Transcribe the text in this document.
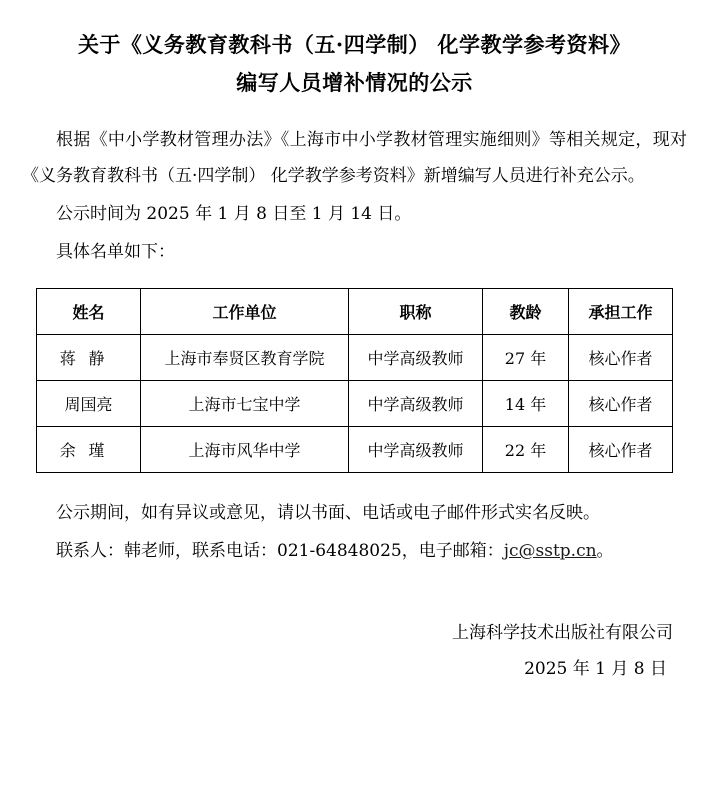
关于《义务教育教科书（五·四学制） 化学教学参考资料》
编写人员增补情况的公示

根据《中小学教材管理办法》《上海市中小学教材管理实施细则》等相关规定，现对《义务教育教科书（五·四学制） 化学教学参考资料》新增编写人员进行补充公示。

公示时间为 2025 年 1 月 8 日至 1 月 14 日。

具体名单如下：

姓名	工作单位	职称	教龄	承担工作
蒋静	上海市奉贤区教育学院	中学高级教师	27 年	核心作者
周国亮	上海市七宝中学	中学高级教师	14 年	核心作者
余瑾	上海市风华中学	中学高级教师	22 年	核心作者

公示期间，如有异议或意见，请以书面、电话或电子邮件形式实名反映。

联系人：韩老师，联系电话：021-64848025，电子邮箱：jc@sstp.cn。

上海科学技术出版社有限公司
2025 年 1 月 8 日
